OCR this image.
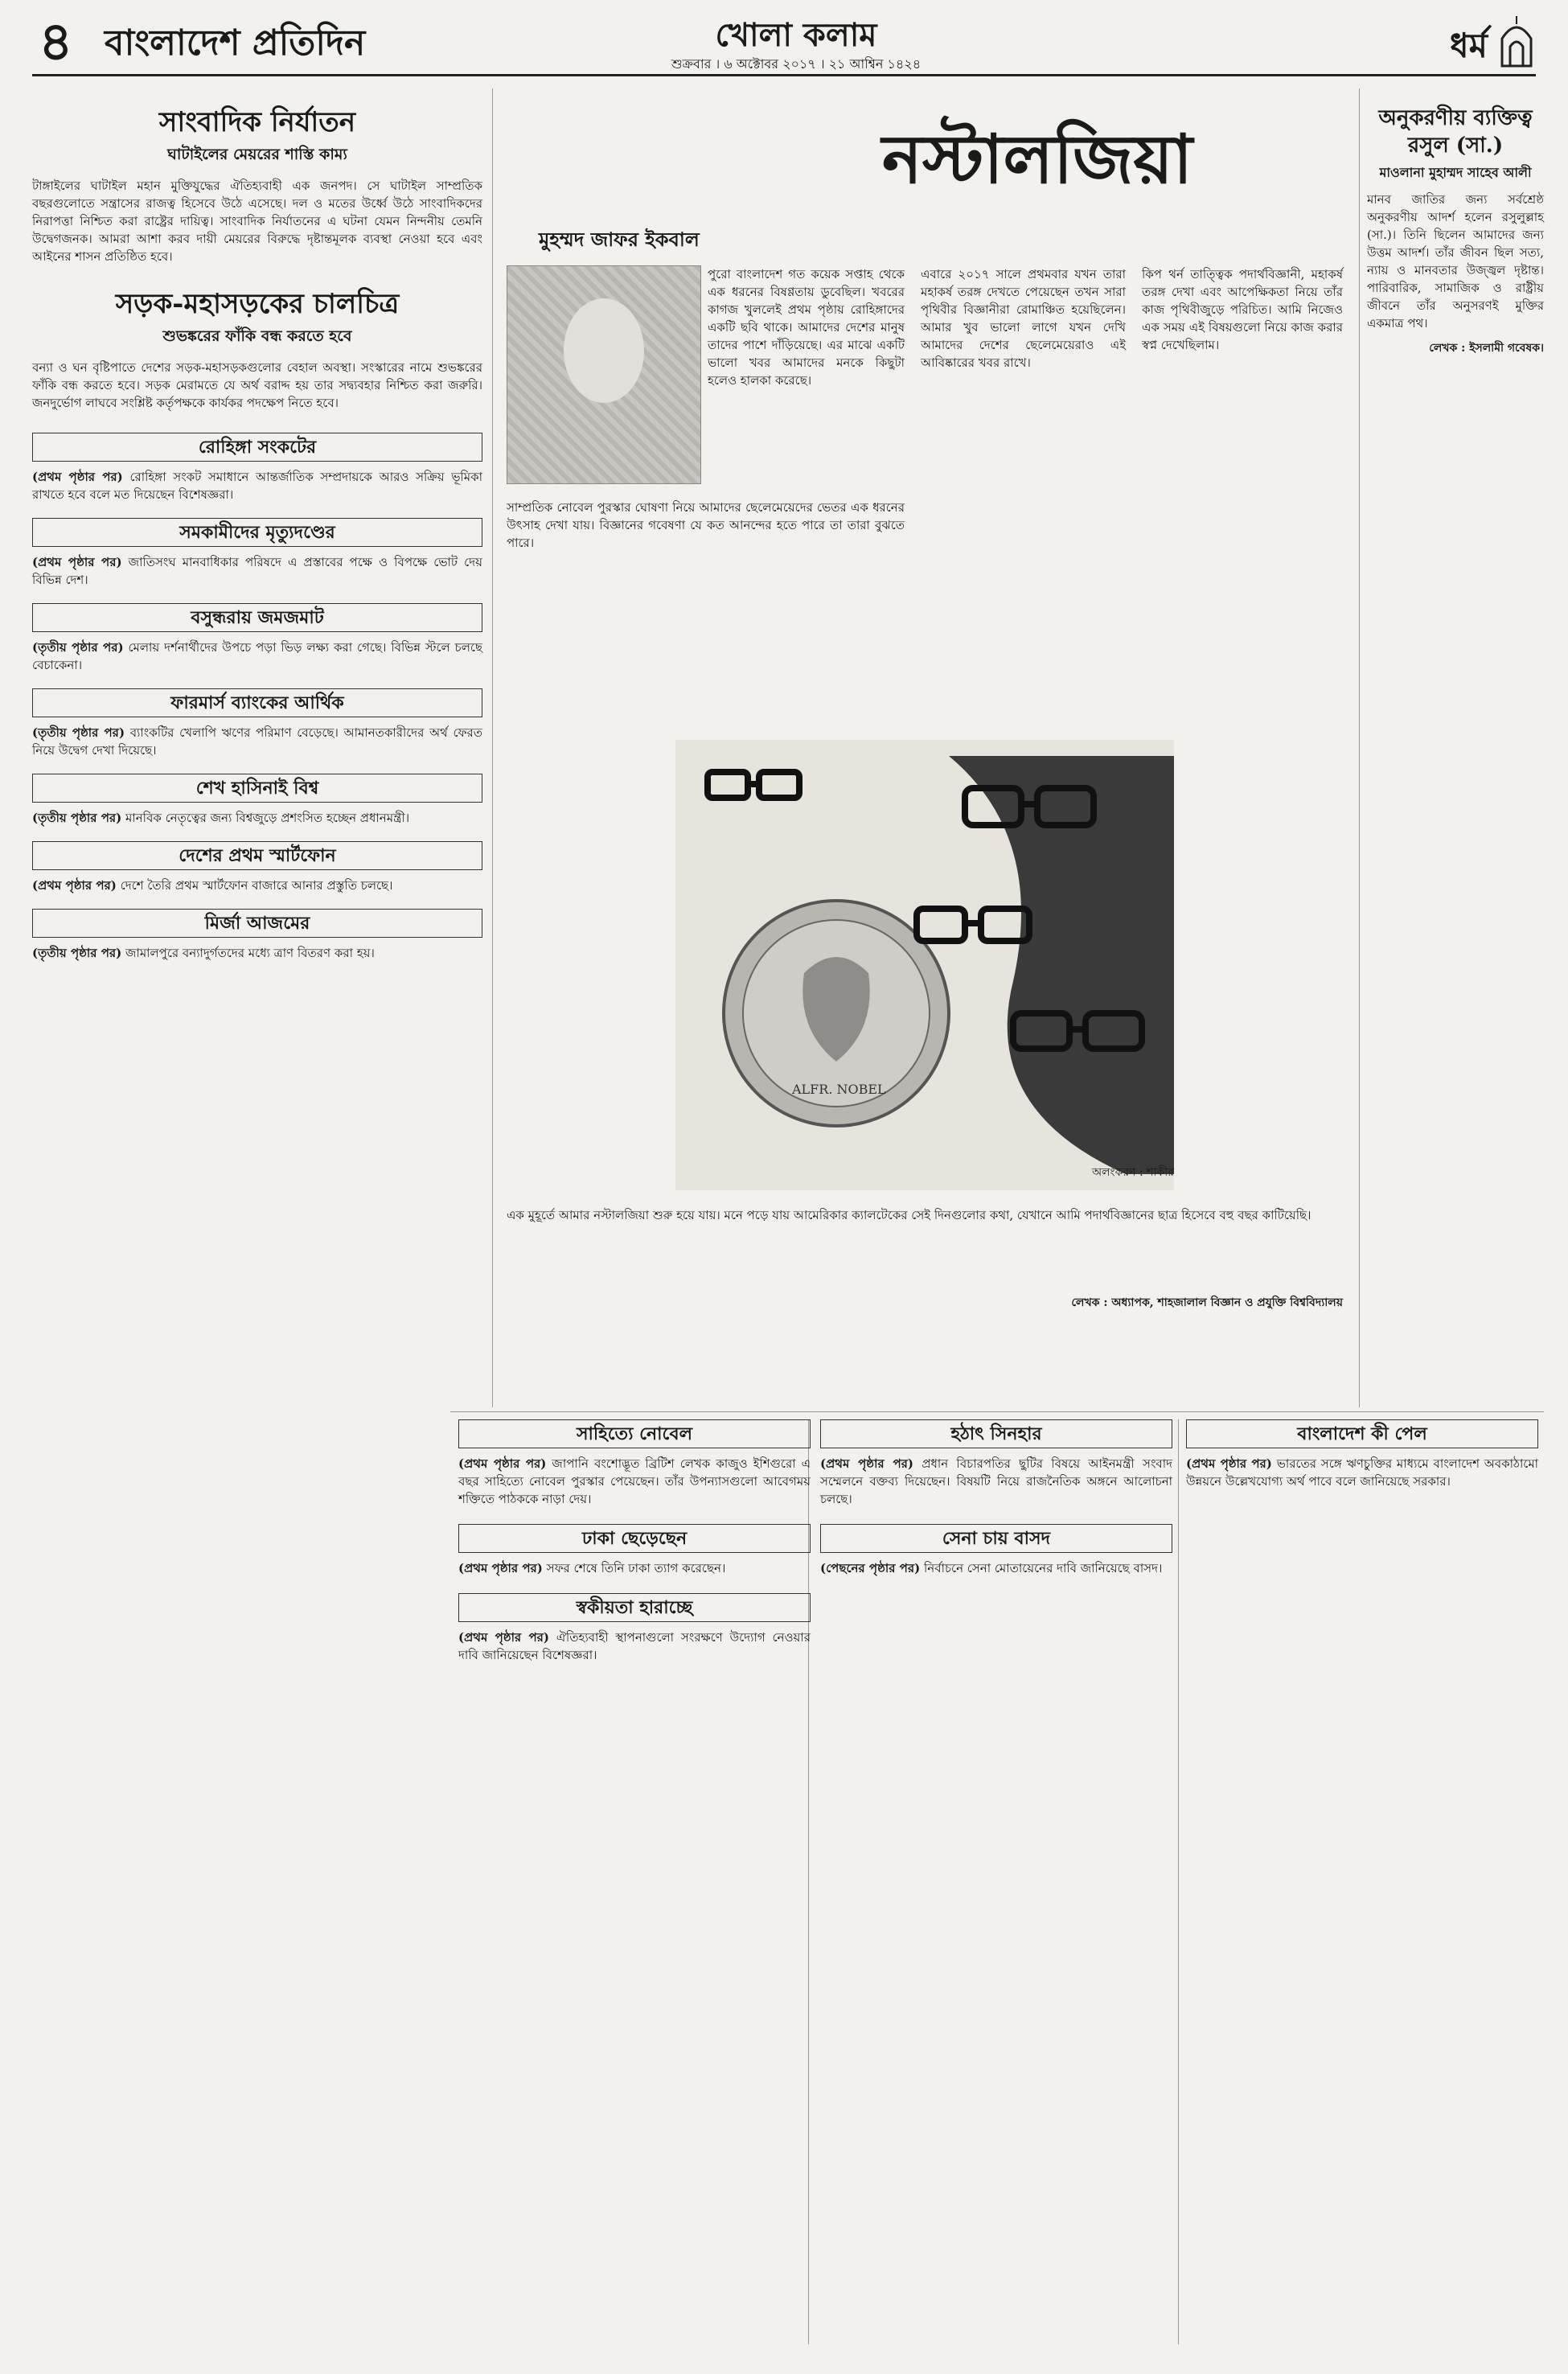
৪ বাংলাদেশ প্রতিদিন	খোলা কলাম
শুক্রবার । ৬ অক্টোবর ২০১৭ । ২১ আশ্বিন ১৪২৪	ধর্ম
সাংবাদিক নির্যাতন
ঘাটাইলের মেয়রের শাস্তি কাম্য

টাঙ্গাইলের ঘাটাইল মহান মুক্তিযুদ্ধের ঐতিহ্যবাহী এক জনপদ। সে ঘাটাইল সাম্প্রতিক বছরগুলোতে সন্ত্রাসের রাজত্ব হিসেবে উঠে এসেছে। দল ও মতের উর্ধ্বে উঠে সাংবাদিকদের নিরাপত্তা নিশ্চিত করা রাষ্ট্রের দায়িত্ব। সাংবাদিক নির্যাতনের এ ঘটনা যেমন নিন্দনীয় তেমনি উদ্বেগজনক। আমরা আশা করব দায়ী মেয়রের বিরুদ্ধে দৃষ্টান্তমূলক ব্যবস্থা নেওয়া হবে এবং আইনের শাসন প্রতিষ্ঠিত হবে।

সড়ক-মহাসড়কের চালচিত্র
শুভঙ্করের ফাঁকি বন্ধ করতে হবে

বন্যা ও ঘন বৃষ্টিপাতে দেশের সড়ক-মহাসড়কগুলোর বেহাল অবস্থা। সংস্কারের নামে শুভঙ্করের ফাঁকি বন্ধ করতে হবে। সড়ক মেরামতে যে অর্থ বরাদ্দ হয় তার সদ্ব্যবহার নিশ্চিত করা জরুরি। জনদুর্ভোগ লাঘবে সংশ্লিষ্ট কর্তৃপক্ষকে কার্যকর পদক্ষেপ নিতে হবে।

রোহিঙ্গা সংকটের

(প্রথম পৃষ্ঠার পর) রোহিঙ্গা সংকট সমাধানে আন্তর্জাতিক সম্প্রদায়কে আরও সক্রিয় ভূমিকা রাখতে হবে বলে মত দিয়েছেন বিশেষজ্ঞরা।

সমকামীদের মৃত্যুদণ্ডের

(প্রথম পৃষ্ঠার পর) জাতিসংঘ মানবাধিকার পরিষদে এ প্রস্তাবের পক্ষে ও বিপক্ষে ভোট দেয় বিভিন্ন দেশ।

বসুন্ধরায় জমজমাট

(তৃতীয় পৃষ্ঠার পর) মেলায় দর্শনার্থীদের উপচে পড়া ভিড় লক্ষ্য করা গেছে। বিভিন্ন স্টলে চলছে বেচাকেনা।

ফারমার্স ব্যাংকের আর্থিক

(তৃতীয় পৃষ্ঠার পর) ব্যাংকটির খেলাপি ঋণের পরিমাণ বেড়েছে। আমানতকারীদের অর্থ ফেরত নিয়ে উদ্বেগ দেখা দিয়েছে।

শেখ হাসিনাই বিশ্ব

(তৃতীয় পৃষ্ঠার পর) মানবিক নেতৃত্বের জন্য বিশ্বজুড়ে প্রশংসিত হচ্ছেন প্রধানমন্ত্রী।

দেশের প্রথম স্মার্টফোন

(প্রথম পৃষ্ঠার পর) দেশে তৈরি প্রথম স্মার্টফোন বাজারে আনার প্রস্তুতি চলছে।

মির্জা আজমের

(তৃতীয় পৃষ্ঠার পর) জামালপুরে বন্যাদুর্গতদের মধ্যে ত্রাণ বিতরণ করা হয়।

নস্টালজিয়া
মুহম্মদ জাফর ইকবাল

পুরো বাংলাদেশ গত কয়েক সপ্তাহ থেকে এক ধরনের বিষণ্ণতায় ডুবেছিল। খবরের কাগজ খুললেই প্রথম পৃষ্ঠায় রোহিঙ্গাদের একটি ছবি থাকে। আমাদের দেশের মানুষ তাদের পাশে দাঁড়িয়েছে। এর মাঝে একটি ভালো খবর আমাদের মনকে কিছুটা হলেও হালকা করেছে।

সাম্প্রতিক নোবেল পুরস্কার ঘোষণা নিয়ে আমাদের ছেলেমেয়েদের ভেতর এক ধরনের উৎসাহ দেখা যায়। বিজ্ঞানের গবেষণা যে কত আনন্দের হতে পারে তা তারা বুঝতে পারে।

এবারে ২০১৭ সালে প্রথমবার যখন তারা মহাকর্ষ তরঙ্গ দেখতে পেয়েছেন তখন সারা পৃথিবীর বিজ্ঞানীরা রোমাঞ্চিত হয়েছিলেন। আমার খুব ভালো লাগে যখন দেখি আমাদের দেশের ছেলেমেয়েরাও এই আবিষ্কারের খবর রাখে।

কিপ থর্ন তাত্ত্বিক পদার্থবিজ্ঞানী, মহাকর্ষ তরঙ্গ দেখা এবং আপেক্ষিকতা নিয়ে তাঁর কাজ পৃথিবীজুড়ে পরিচিত। আমি নিজেও এক সময় এই বিষয়গুলো নিয়ে কাজ করার স্বপ্ন দেখেছিলাম।

ALFR. NOBEL
অলংকরণ : শাকীর

এক মুহূর্তে আমার নস্টালজিয়া শুরু হয়ে যায়। মনে পড়ে যায় আমেরিকার ক্যালটেকের সেই দিনগুলোর কথা, যেখানে আমি পদার্থবিজ্ঞানের ছাত্র হিসেবে বহু বছর কাটিয়েছি।

লেখক : অধ্যাপক, শাহজালাল বিজ্ঞান ও প্রযুক্তি বিশ্ববিদ্যালয়
সাহিত্যে নোবেল

(প্রথম পৃষ্ঠার পর) জাপানি বংশোদ্ভূত ব্রিটিশ লেখক কাজুও ইশিগুরো এ বছর সাহিত্যে নোবেল পুরস্কার পেয়েছেন। তাঁর উপন্যাসগুলো আবেগময় শক্তিতে পাঠককে নাড়া দেয়।

ঢাকা ছেড়েছেন

(প্রথম পৃষ্ঠার পর) সফর শেষে তিনি ঢাকা ত্যাগ করেছেন।

স্বকীয়তা হারাচ্ছে

(প্রথম পৃষ্ঠার পর) ঐতিহ্যবাহী স্থাপনাগুলো সংরক্ষণে উদ্যোগ নেওয়ার দাবি জানিয়েছেন বিশেষজ্ঞরা।

হঠাৎ সিনহার

(প্রথম পৃষ্ঠার পর) প্রধান বিচারপতির ছুটির বিষয়ে আইনমন্ত্রী সংবাদ সম্মেলনে বক্তব্য দিয়েছেন। বিষয়টি নিয়ে রাজনৈতিক অঙ্গনে আলোচনা চলছে।

সেনা চায় বাসদ

(পেছনের পৃষ্ঠার পর) নির্বাচনে সেনা মোতায়েনের দাবি জানিয়েছে বাসদ।

বাংলাদেশ কী পেল

(প্রথম পৃষ্ঠার পর) ভারতের সঙ্গে ঋণচুক্তির মাধ্যমে বাংলাদেশ অবকাঠামো উন্নয়নে উল্লেখযোগ্য অর্থ পাবে বলে জানিয়েছে সরকার।

অনুকরণীয় ব্যক্তিত্ব রসুল (সা.)
মাওলানা মুহাম্মদ সাহেব আলী

মানব জাতির জন্য সর্বশ্রেষ্ঠ অনুকরণীয় আদর্শ হলেন রসুলুল্লাহ (সা.)। তিনি ছিলেন আমাদের জন্য উত্তম আদর্শ। তাঁর জীবন ছিল সত্য, ন্যায় ও মানবতার উজ্জ্বল দৃষ্টান্ত। পারিবারিক, সামাজিক ও রাষ্ট্রীয় জীবনে তাঁর অনুসরণই মুক্তির একমাত্র পথ।

লেখক : ইসলামী গবেষক।
